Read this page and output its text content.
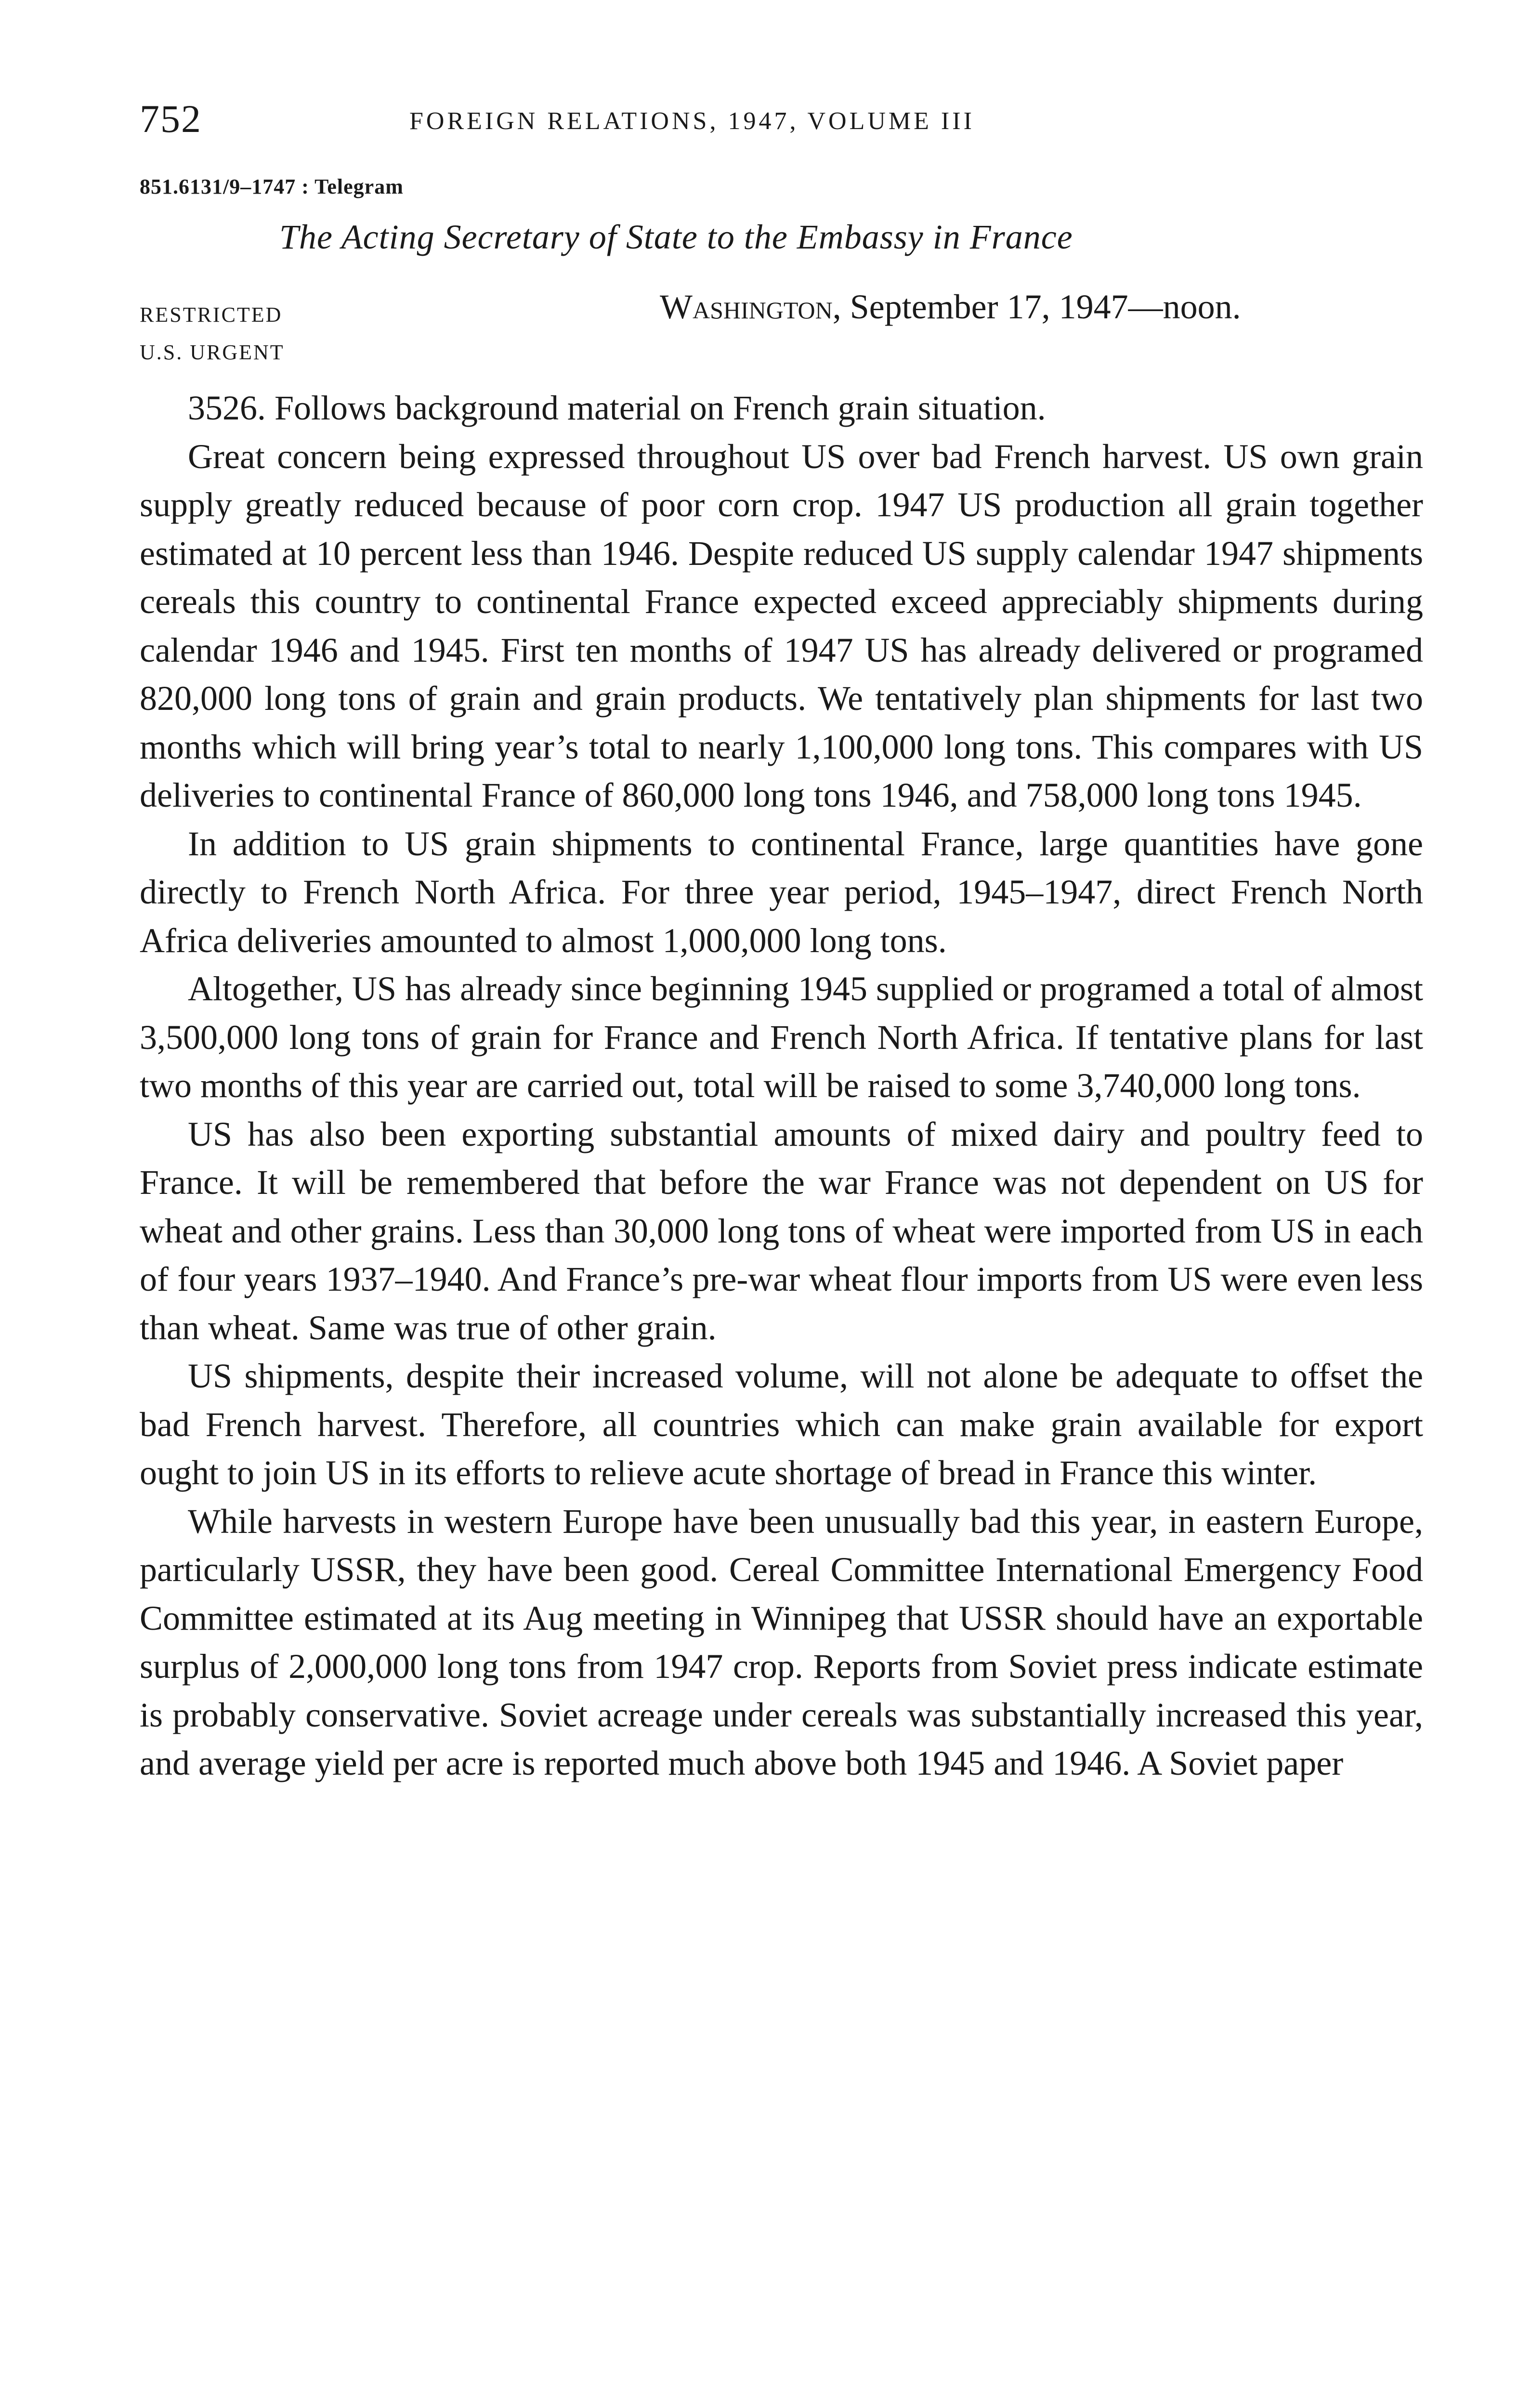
752	FOREIGN RELATIONS, 1947, VOLUME III
851.6131/9–1747 : Telegram
The Acting Secretary of State to the Embassy in France
RESTRICTED	Washington, September 17, 1947—noon.
U.S. URGENT

3526. Follows background material on French grain situation.

Great concern being expressed throughout US over bad French harvest. US own grain supply greatly reduced because of poor corn crop. 1947 US production all grain together estimated at 10 percent less than 1946. Despite reduced US supply calendar 1947 shipments cereals this country to continental France expected exceed appreciably shipments during calendar 1946 and 1945. First ten months of 1947 US has already delivered or programed 820,000 long tons of grain and grain products. We tentatively plan shipments for last two months which will bring year’s total to nearly 1,100,000 long tons. This compares with US deliveries to continental France of 860,000 long tons 1946, and 758,000 long tons 1945.

In addition to US grain shipments to continental France, large quantities have gone directly to French North Africa. For three year period, 1945–1947, direct French North Africa deliveries amounted to almost 1,000,000 long tons.

Altogether, US has already since beginning 1945 supplied or programed a total of almost 3,500,000 long tons of grain for France and French North Africa. If tentative plans for last two months of this year are carried out, total will be raised to some 3,740,000 long tons.

US has also been exporting substantial amounts of mixed dairy and poultry feed to France. It will be remembered that before the war France was not dependent on US for wheat and other grains. Less than 30,000 long tons of wheat were imported from US in each of four years 1937–1940. And France’s pre-war wheat flour imports from US were even less than wheat. Same was true of other grain.

US shipments, despite their increased volume, will not alone be adequate to offset the bad French harvest. Therefore, all countries which can make grain available for export ought to join US in its efforts to relieve acute shortage of bread in France this winter.

While harvests in western Europe have been unusually bad this year, in eastern Europe, particularly USSR, they have been good. Cereal Committee International Emergency Food Committee estimated at its Aug meeting in Winnipeg that USSR should have an exportable surplus of 2,000,000 long tons from 1947 crop. Reports from Soviet press indicate estimate is probably conservative. Soviet acreage under cereals was substantially increased this year, and average yield per acre is reported much above both 1945 and 1946. A Soviet paper
